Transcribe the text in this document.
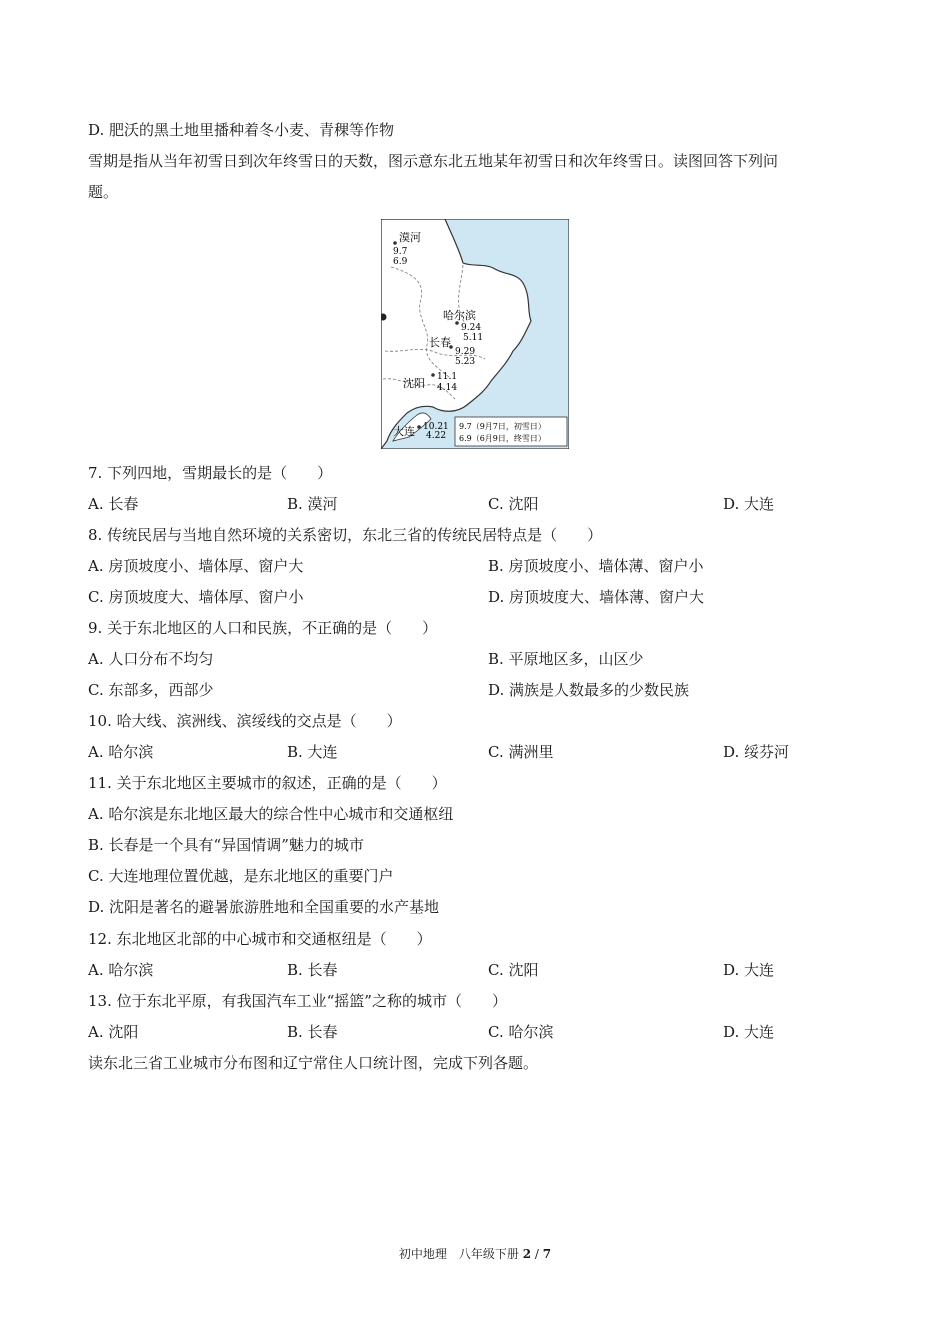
D. 肥沃的黑土地里播种着冬小麦、青稞等作物
雪期是指从当年初雪日到次年终雪日的天数，图示意东北五地某年初雪日和次年终雪日。读图回答下列问
题。
漠河
9.7
6.9
哈尔滨
9.24
5.11
长春
9.29
5.23
沈阳 11.1
4.14
大连 10.21
4.22
9.7（9月7日，初雪日）
6.9（6月9日，终雪日）
7. 下列四地，雪期最长的是（　　）
A. 长春	B. 漠河	C. 沈阳	D. 大连
8. 传统民居与当地自然环境的关系密切，东北三省的传统民居特点是（　　）
A. 房顶坡度小、墙体厚、窗户大	B. 房顶坡度小、墙体薄、窗户小
C. 房顶坡度大、墙体厚、窗户小	D. 房顶坡度大、墙体薄、窗户大
9. 关于东北地区的人口和民族，不正确的是（　　）
A. 人口分布不均匀	B. 平原地区多，山区少
C. 东部多，西部少	D. 满族是人数最多的少数民族
10. 哈大线、滨洲线、滨绥线的交点是（　　）
A. 哈尔滨	B. 大连	C. 满洲里	D. 绥芬河
11. 关于东北地区主要城市的叙述，正确的是（　　）
A. 哈尔滨是东北地区最大的综合性中心城市和交通枢纽
B. 长春是一个具有“异国情调”魅力的城市
C. 大连地理位置优越，是东北地区的重要门户
D. 沈阳是著名的避暑旅游胜地和全国重要的水产基地
12. 东北地区北部的中心城市和交通枢纽是（　　）
A. 哈尔滨	B. 长春	C. 沈阳	D. 大连
13. 位于东北平原，有我国汽车工业“摇篮”之称的城市（　　）
A. 沈阳	B. 长春	C. 哈尔滨	D. 大连
读东北三省工业城市分布图和辽宁常住人口统计图，完成下列各题。
初中地理　八年级下册 2 / 7
